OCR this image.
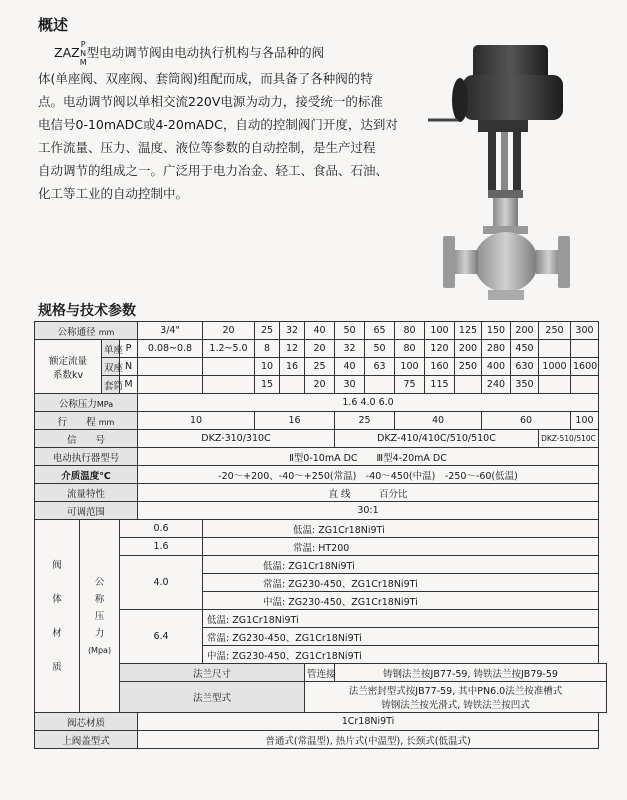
概述

ZAZP
N
M型电动调节阀由电动执行机构与各品种的阀

体(单座阀、双座阀、套筒阀)组配而成，而具备了各种阀的特

点。电动调节阀以单相交流220V电源为动力，接受统一的标准

电信号0-10mADC或4-20mADC，自动的控制阀门开度，达到对

工作流量、压力、温度、液位等参数的自动控制，是生产过程

自动调节的组成之一。广泛用于电力冶金、轻工、食品、石油、

化工等工业的自动控制中。

规格与技术参数
公称通径 mm				3/4"	20	25	32	40	50	65	80	100	125	150	200	250	300
额定流量
系数kv		单座	P	0.08~0.8	1.2~5.0	8	12	20	32	50	80	120	200	280	450		
		双座	N			10	16	25	40	63	100	160	250	400	630	1000	1600
		套筒	M			15		20	30		75	115		240	350		
公称压力MPa				1.6 4.0 6.0													
行　　程 mm				10		16			25		40			60			100
信　　号				DKZ-310/310C					DKZ-410/410C/510/510C							DKZ-510/510C	
电动执行器型号				Ⅱ型0-10mA DC　　Ⅲ型4-20mA DC													
介质温度℃				-20～+200、-40～+250(常温)　-40～450(中温)　-250～-60(低温)													
流量特性				直 线　　　百分比													
可调范围				30:1													
阀

体

材

质	公
称
压
力
(Mpa)		0.6		低温: ZG1Cr18Ni9Ti												
			1.6		常温: HT200												
			4.0		低温: ZG1Cr18Ni9Ti												
					常温: ZG230-450、ZG1Cr18Ni9Ti												
					中温: ZG230-450、ZG1Cr18Ni9Ti												
			6.4		低温: ZG1Cr18Ni9Ti												
					常温: ZG230-450、ZG1Cr18Ni9Ti												
					中温: ZG230-450、ZG1Cr18Ni9Ti												
			法兰尺寸					管连接	铸钢法兰按JB77-59, 铸铁法兰按JB79-59								
			法兰型式					法兰密封型式按JB77-59, 其中PN6.0法兰按准槽式
铸钢法兰按光滑式, 铸铁法兰按凹式									
阀芯材质				1Cr18Ni9Ti													
上阀盖型式				普通式(常温型), 热片式(中温型), 长颈式(低温式)													
